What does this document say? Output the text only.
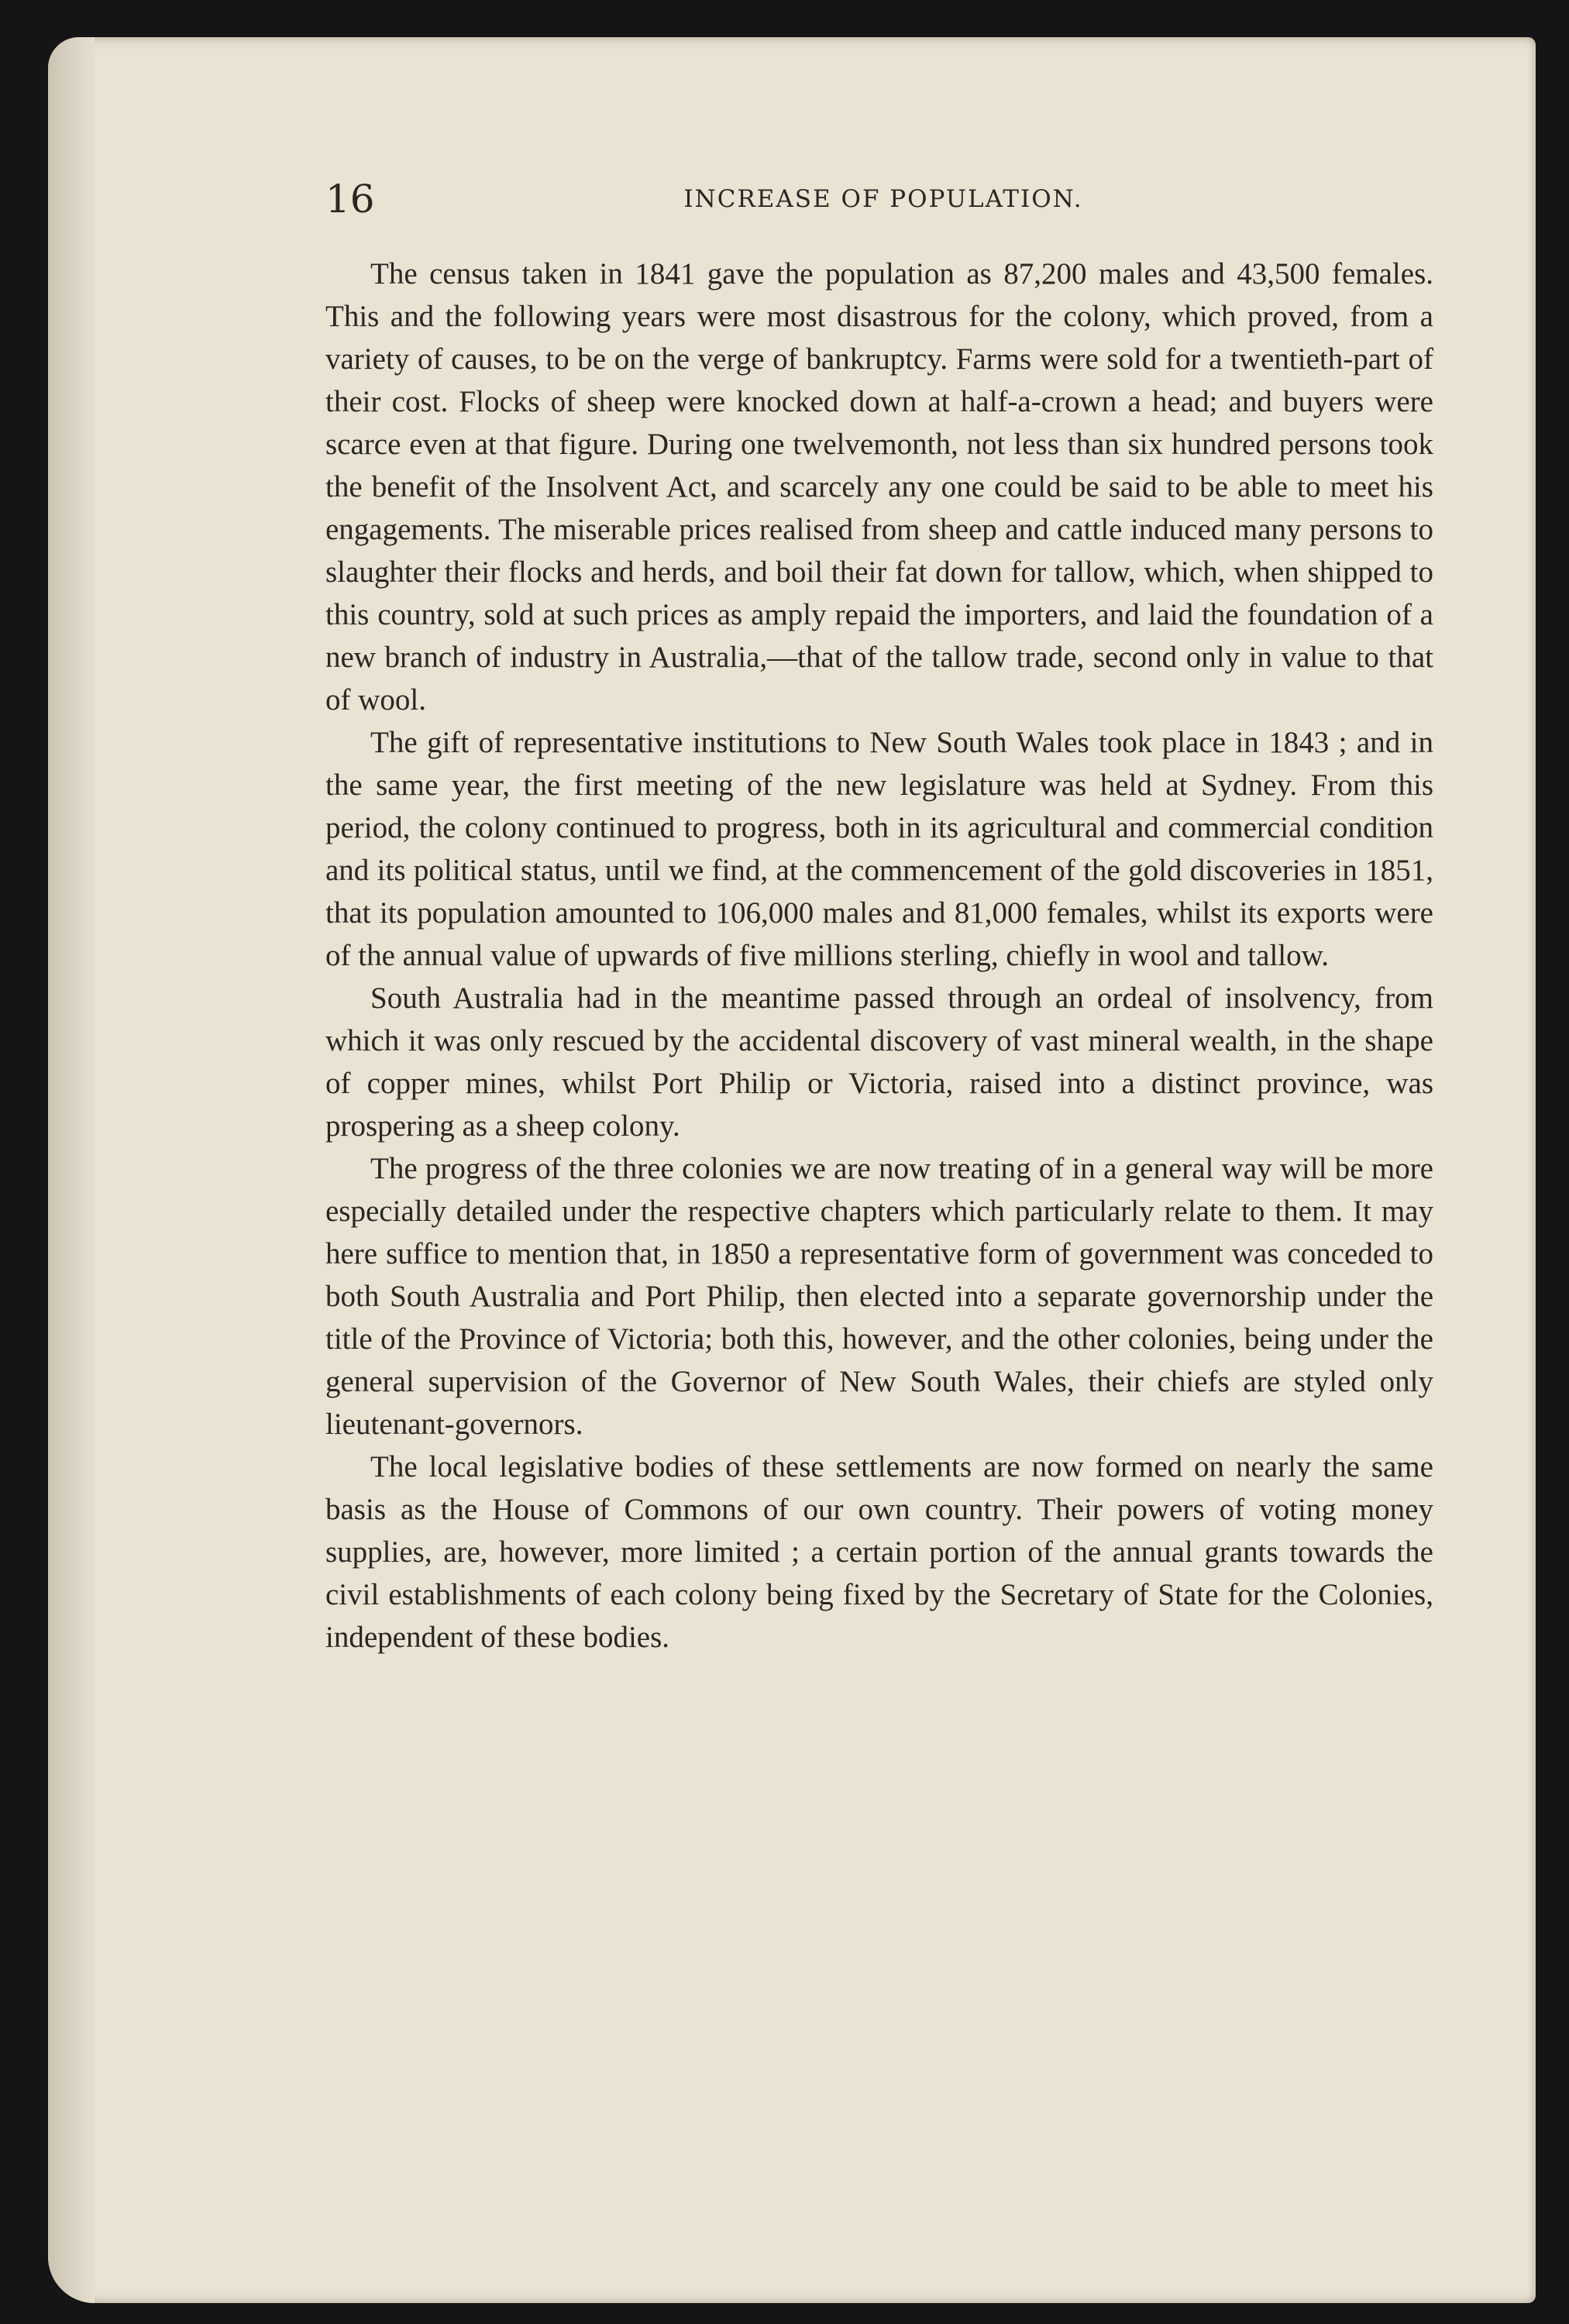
16	INCREASE OF POPULATION.

The census taken in 1841 gave the population as 87,200 males and 43,500 females. This and the following years were most disastrous for the colony, which proved, from a variety of causes, to be on the verge of bankruptcy. Farms were sold for a twentieth-part of their cost. Flocks of sheep were knocked down at half-a-crown a head; and buyers were scarce even at that figure. During one twelvemonth, not less than six hundred persons took the benefit of the Insolvent Act, and scarcely any one could be said to be able to meet his engagements. The miserable prices realised from sheep and cattle induced many persons to slaughter their flocks and herds, and boil their fat down for tallow, which, when shipped to this country, sold at such prices as amply repaid the importers, and laid the foundation of a new branch of industry in Australia,—that of the tallow trade, second only in value to that of wool.

The gift of representative institutions to New South Wales took place in 1843 ; and in the same year, the first meeting of the new legislature was held at Sydney. From this period, the colony continued to progress, both in its agricultural and commercial condition and its political status, until we find, at the commencement of the gold discoveries in 1851, that its population amounted to 106,000 males and 81,000 females, whilst its exports were of the annual value of upwards of five millions sterling, chiefly in wool and tallow.

South Australia had in the meantime passed through an ordeal of insolvency, from which it was only rescued by the accidental discovery of vast mineral wealth, in the shape of copper mines, whilst Port Philip or Victoria, raised into a distinct province, was prospering as a sheep colony.

The progress of the three colonies we are now treating of in a general way will be more especially detailed under the respective chapters which particularly relate to them. It may here suffice to mention that, in 1850 a representative form of government was conceded to both South Australia and Port Philip, then elected into a separate governorship under the title of the Province of Victoria; both this, however, and the other colonies, being under the general supervision of the Governor of New South Wales, their chiefs are styled only lieutenant-governors.

The local legislative bodies of these settlements are now formed on nearly the same basis as the House of Commons of our own country. Their powers of voting money supplies, are, however, more limited ; a certain portion of the annual grants towards the civil establishments of each colony being fixed by the Secretary of State for the Colonies, independent of these bodies.
